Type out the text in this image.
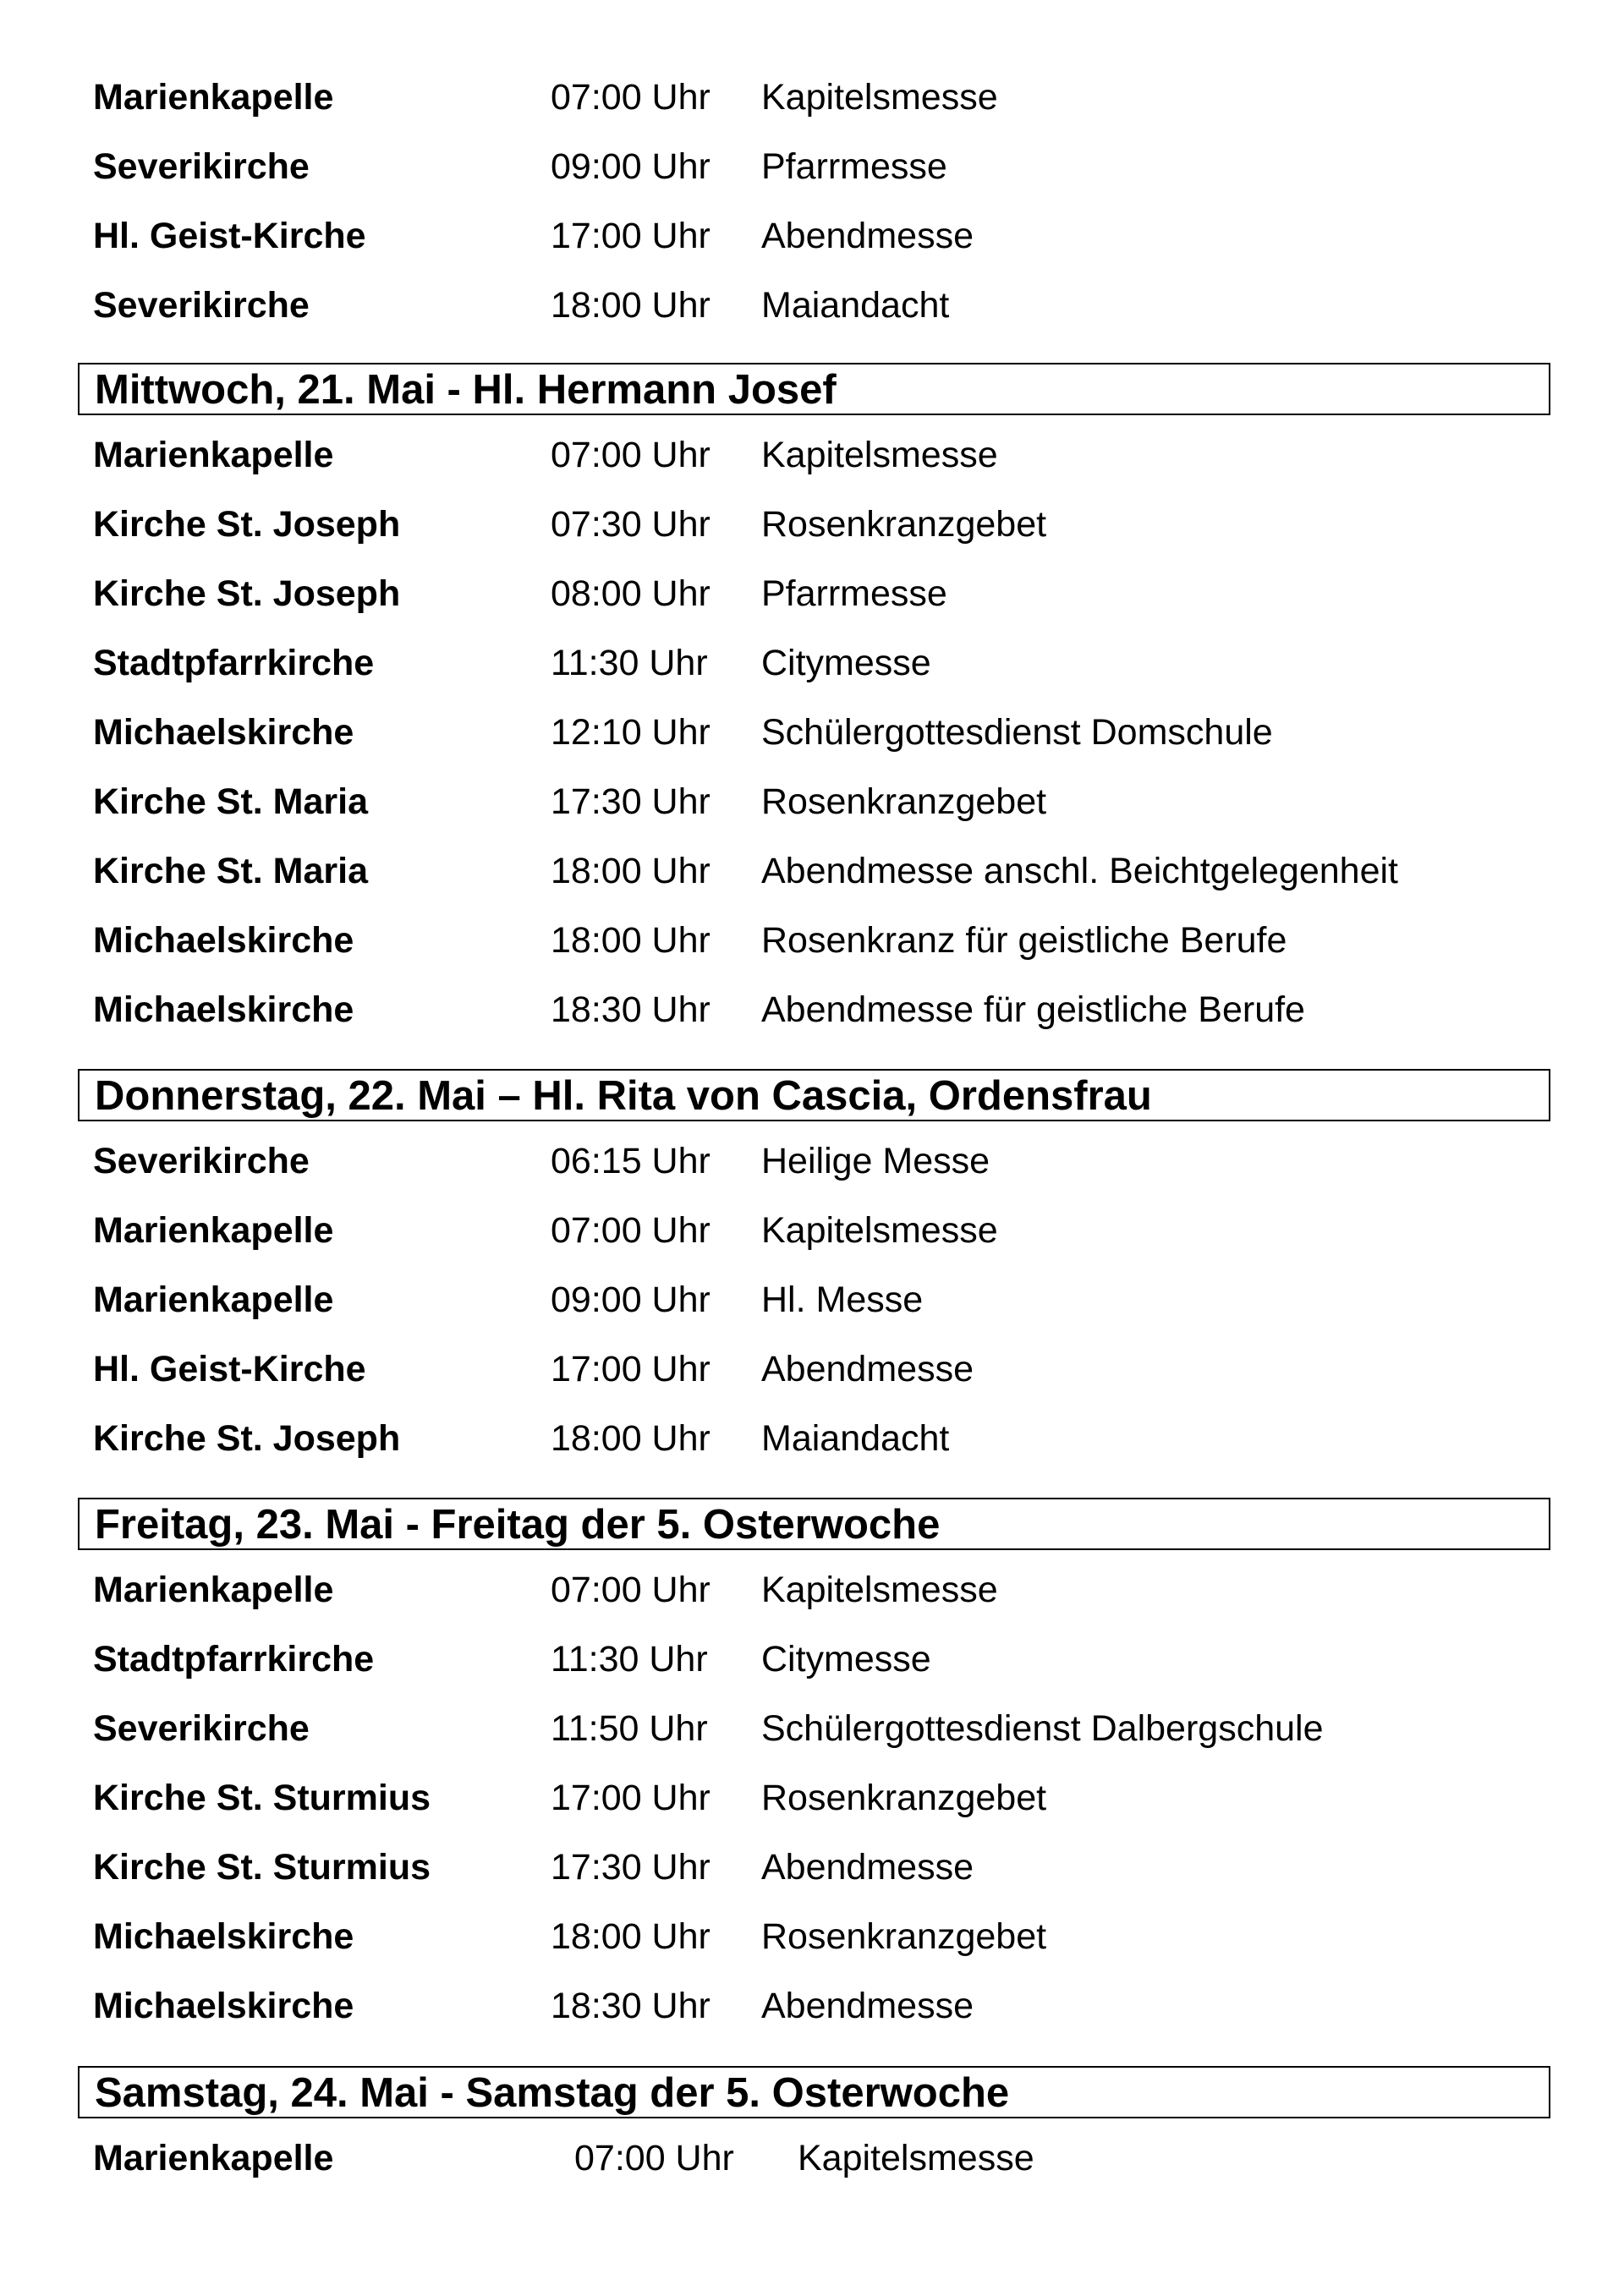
Marienkapelle	07:00 Uhr Kapitelsmesse
Severikirche	09:00 Uhr Pfarrmesse
Hl. Geist-Kirche	17:00 Uhr Abendmesse
Severikirche	18:00 Uhr Maiandacht
Mittwoch, 21. Mai - Hl. Hermann Josef
Marienkapelle	07:00 Uhr Kapitelsmesse
Kirche St. Joseph	07:30 Uhr Rosenkranzgebet
Kirche St. Joseph	08:00 Uhr Pfarrmesse
Stadtpfarrkirche	11:30 Uhr Citymesse
Michaelskirche	12:10 Uhr Schülergottesdienst Domschule
Kirche St. Maria	17:30 Uhr Rosenkranzgebet
Kirche St. Maria	18:00 Uhr Abendmesse anschl. Beichtgelegenheit
Michaelskirche	18:00 Uhr Rosenkranz für geistliche Berufe
Michaelskirche	18:30 Uhr Abendmesse für geistliche Berufe
Donnerstag, 22. Mai – Hl. Rita von Cascia, Ordensfrau
Severikirche	06:15 Uhr Heilige Messe
Marienkapelle	07:00 Uhr Kapitelsmesse
Marienkapelle	09:00 Uhr Hl. Messe
Hl. Geist-Kirche	17:00 Uhr Abendmesse
Kirche St. Joseph	18:00 Uhr Maiandacht
Freitag, 23. Mai - Freitag der 5. Osterwoche
Marienkapelle	07:00 Uhr Kapitelsmesse
Stadtpfarrkirche	11:30 Uhr Citymesse
Severikirche	11:50 Uhr Schülergottesdienst Dalbergschule
Kirche St. Sturmius	17:00 Uhr Rosenkranzgebet
Kirche St. Sturmius	17:30 Uhr Abendmesse
Michaelskirche	18:00 Uhr Rosenkranzgebet
Michaelskirche	18:30 Uhr Abendmesse
Samstag, 24. Mai - Samstag der 5. Osterwoche
Marienkapelle	07:00 Uhr Kapitelsmesse
